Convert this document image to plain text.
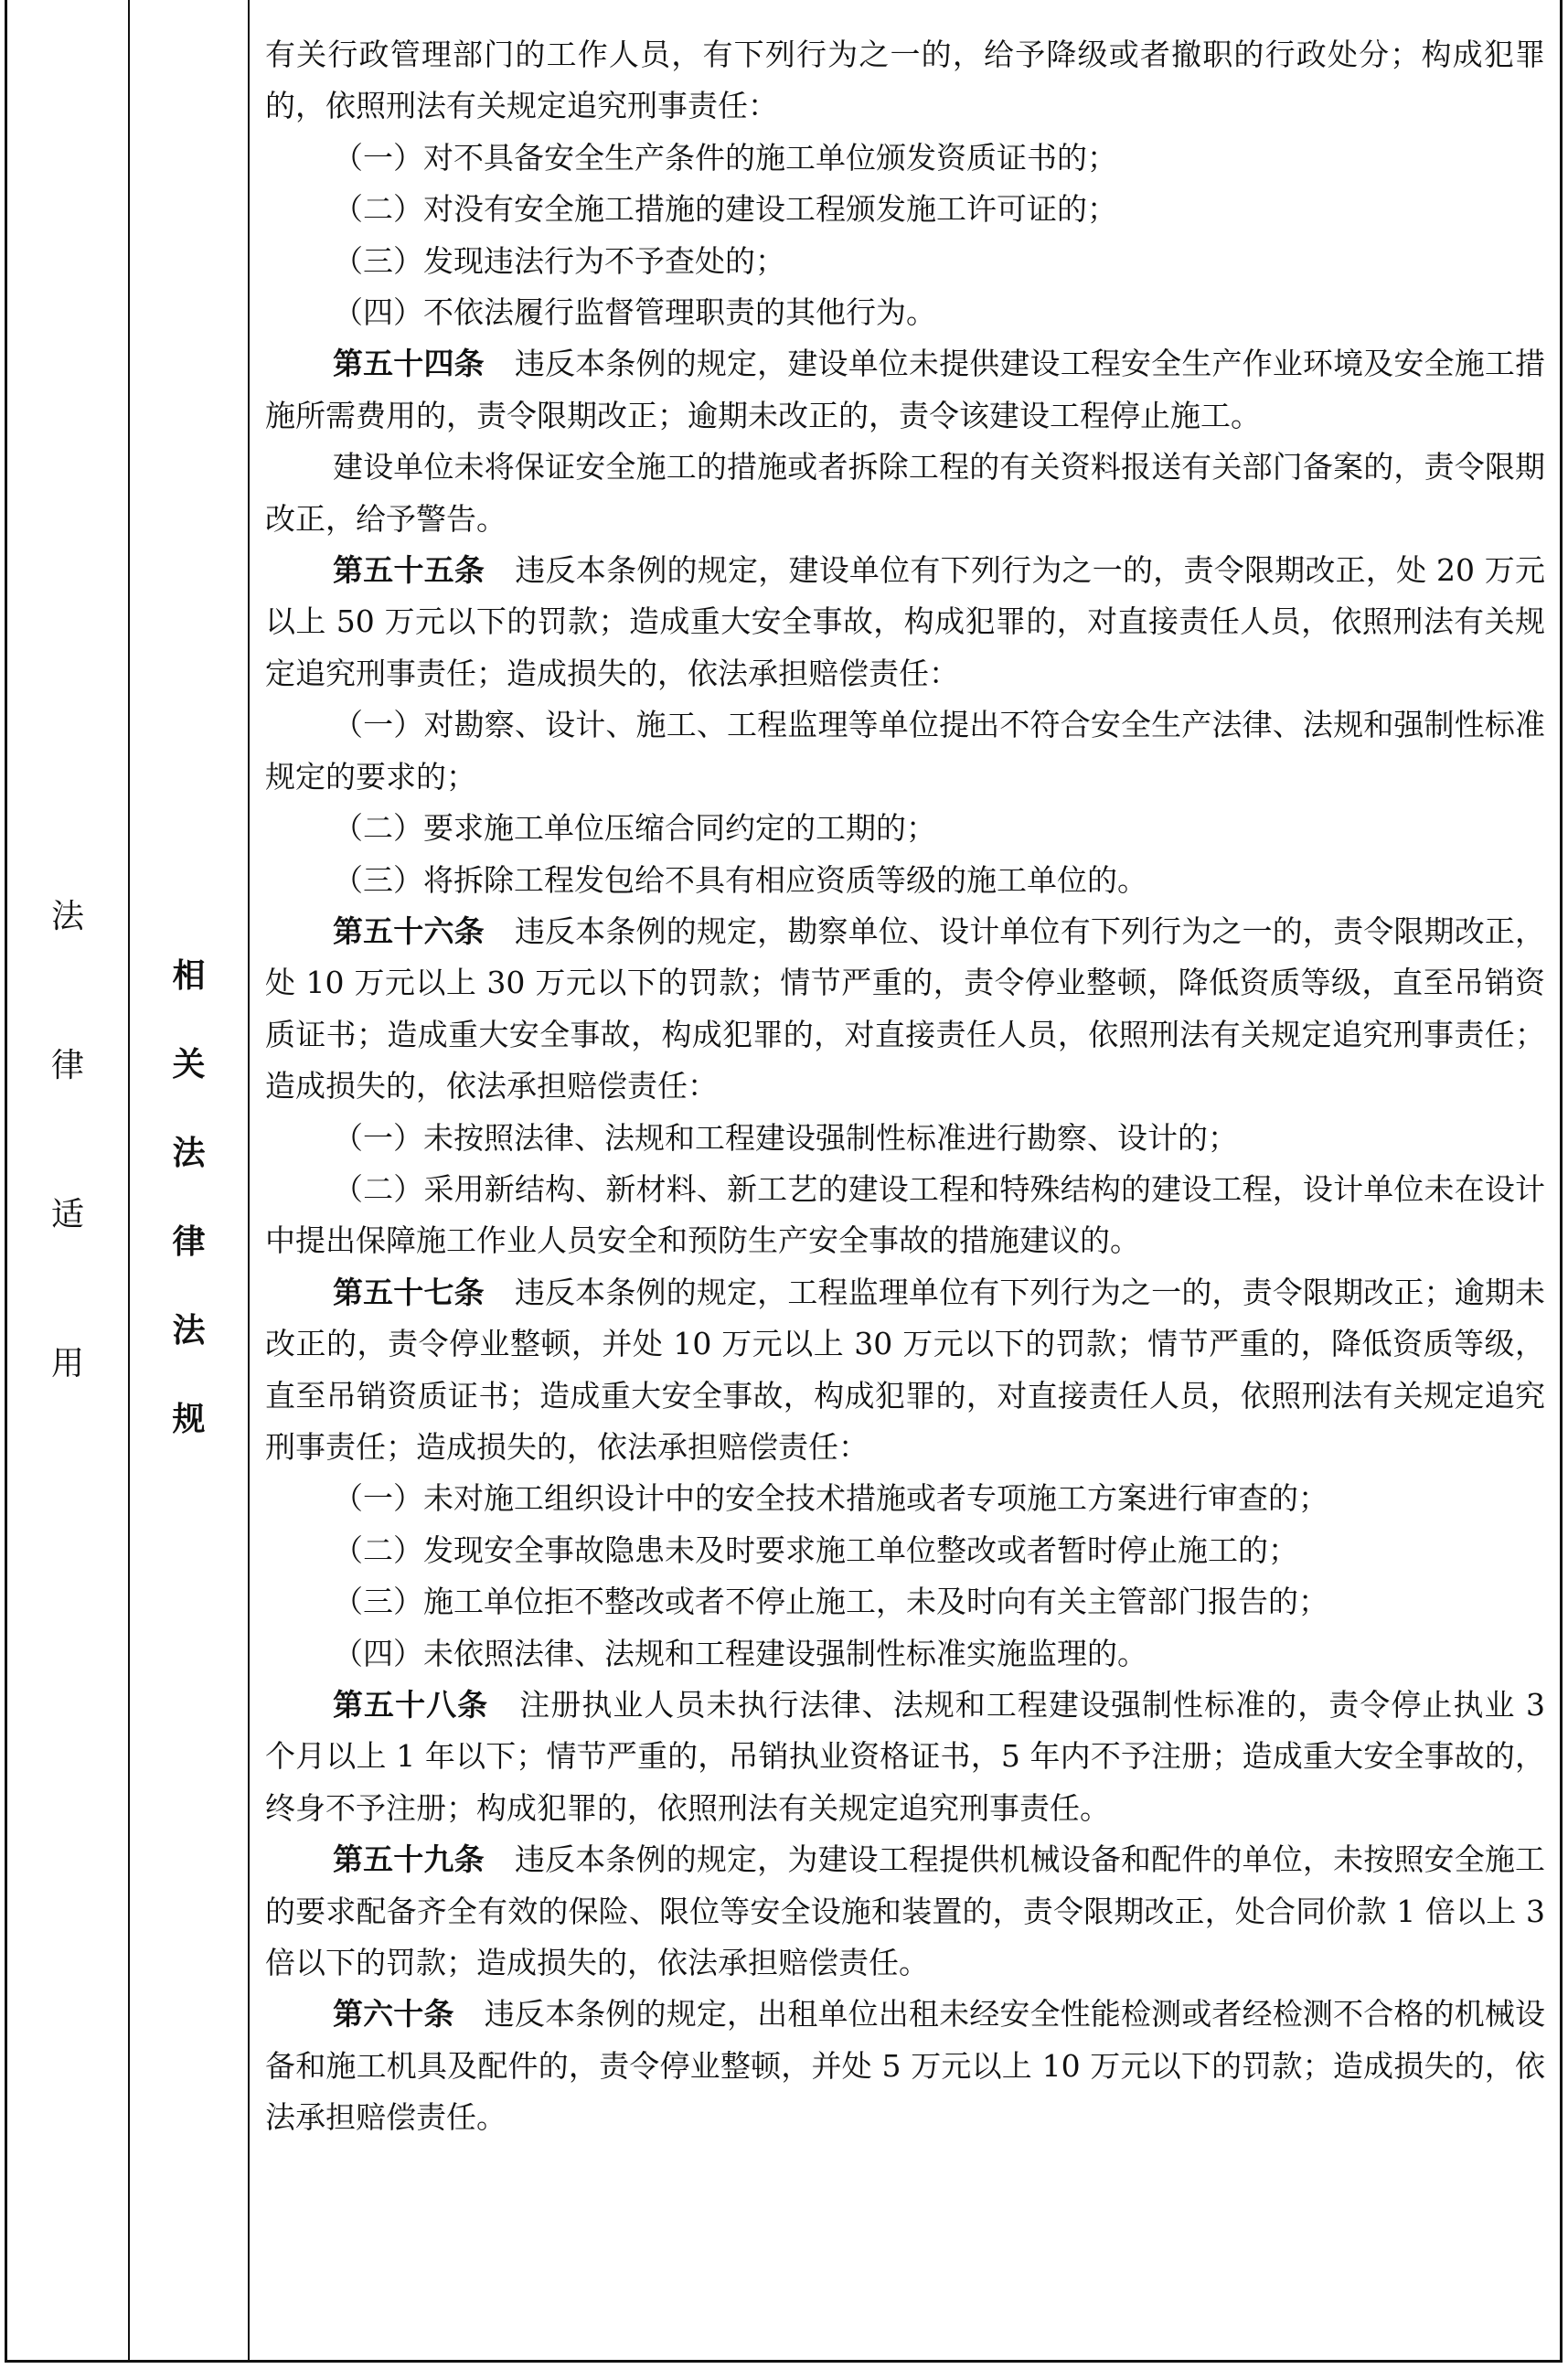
法
律
适
用
相
关
法
律
法
规

有关行政管理部门的工作人员，有下列行为之一的，给予降级或者撤职的行政处分；构成犯罪的，依照刑法有关规定追究刑事责任：

（一）对不具备安全生产条件的施工单位颁发资质证书的；

（二）对没有安全施工措施的建设工程颁发施工许可证的；

（三）发现违法行为不予查处的；

（四）不依法履行监督管理职责的其他行为。

第五十四条　 违反本条例的规定，建设单位未提供建设工程安全生产作业环境及安全施工措施所需费用的，责令限期改正；逾期未改正的，责令该建设工程停止施工。

建设单位未将保证安全施工的措施或者拆除工程的有关资料报送有关部门备案的，责令限期改正，给予警告。

第五十五条　 违反本条例的规定，建设单位有下列行为之一的，责令限期改正，处 20 万元以上 50 万元以下的罚款；造成重大安全事故，构成犯罪的，对直接责任人员，依照刑法有关规定追究刑事责任；造成损失的，依法承担赔偿责任：

（一）对勘察、设计、施工、工程监理等单位提出不符合安全生产法律、法规和强制性标准规定的要求的；

（二）要求施工单位压缩合同约定的工期的；

（三）将拆除工程发包给不具有相应资质等级的施工单位的。

第五十六条　 违反本条例的规定，勘察单位、设计单位有下列行为之一的，责令限期改正，处 10 万元以上 30 万元以下的罚款；情节严重的，责令停业整顿，降低资质等级，直至吊销资质证书；造成重大安全事故，构成犯罪的，对直接责任人员，依照刑法有关规定追究刑事责任；造成损失的，依法承担赔偿责任：

（一）未按照法律、法规和工程建设强制性标准进行勘察、设计的；

（二）采用新结构、新材料、新工艺的建设工程和特殊结构的建设工程，设计单位未在设计中提出保障施工作业人员安全和预防生产安全事故的措施建议的。

第五十七条　 违反本条例的规定，工程监理单位有下列行为之一的，责令限期改正；逾期未改正的，责令停业整顿，并处 10 万元以上 30 万元以下的罚款；情节严重的，降低资质等级，直至吊销资质证书；造成重大安全事故，构成犯罪的，对直接责任人员，依照刑法有关规定追究刑事责任；造成损失的，依法承担赔偿责任：

（一）未对施工组织设计中的安全技术措施或者专项施工方案进行审查的；

（二）发现安全事故隐患未及时要求施工单位整改或者暂时停止施工的；

（三）施工单位拒不整改或者不停止施工，未及时向有关主管部门报告的；

（四）未依照法律、法规和工程建设强制性标准实施监理的。

第五十八条　 注册执业人员未执行法律、法规和工程建设强制性标准的，责令停止执业 3 个月以上 1 年以下；情节严重的，吊销执业资格证书，5 年内不予注册；造成重大安全事故的，终身不予注册；构成犯罪的，依照刑法有关规定追究刑事责任。

第五十九条　 违反本条例的规定，为建设工程提供机械设备和配件的单位，未按照安全施工的要求配备齐全有效的保险、限位等安全设施和装置的，责令限期改正，处合同价款 1 倍以上 3 倍以下的罚款；造成损失的，依法承担赔偿责任。

第六十条　 违反本条例的规定，出租单位出租未经安全性能检测或者经检测不合格的机械设备和施工机具及配件的，责令停业整顿，并处 5 万元以上 10 万元以下的罚款；造成损失的，依法承担赔偿责任。
